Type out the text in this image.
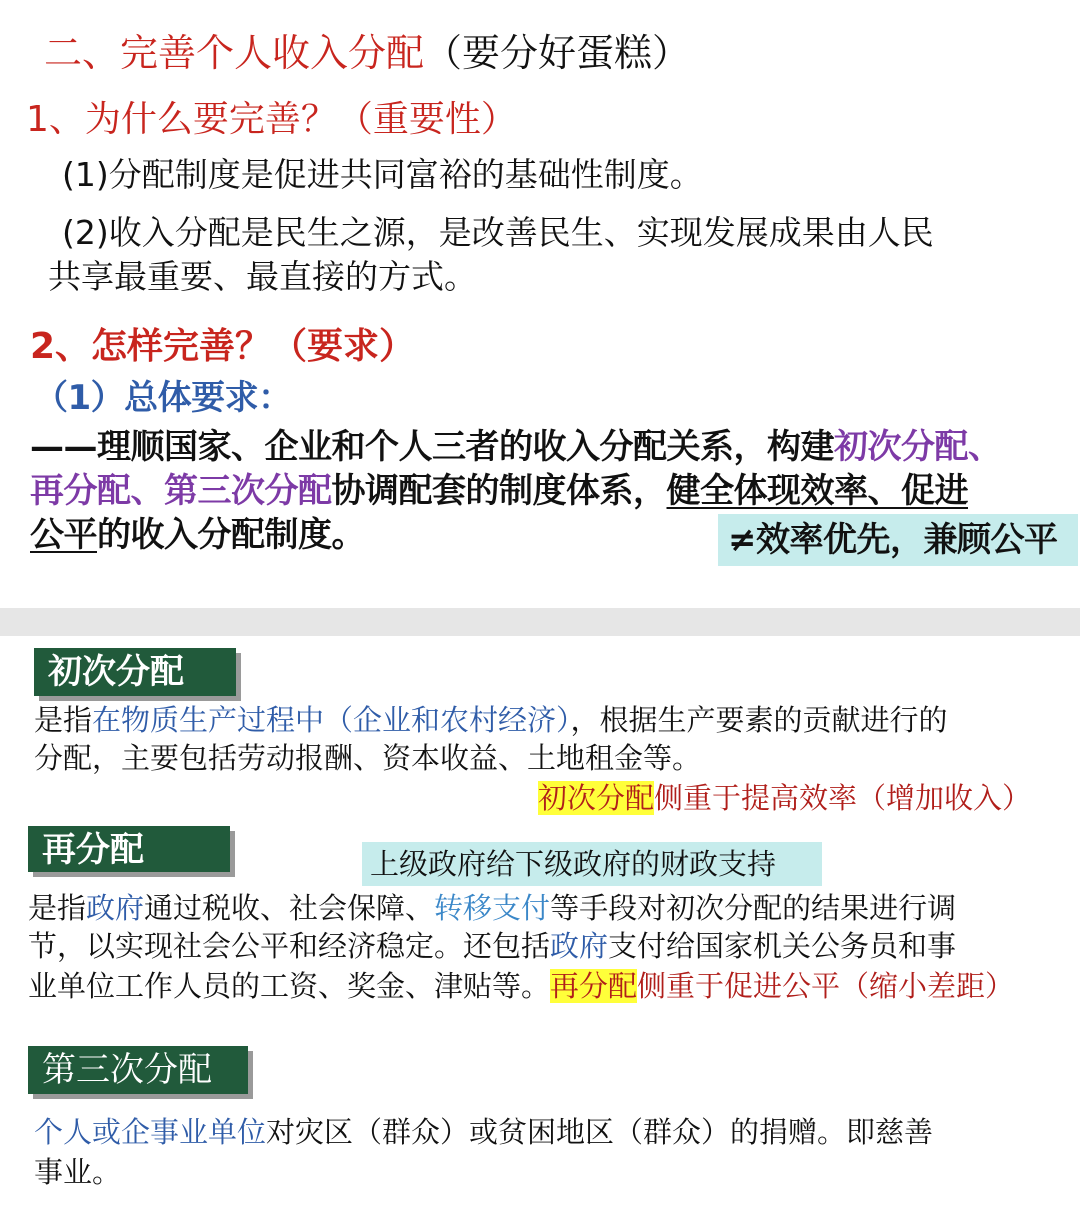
二、完善个人收入分配（要分好蛋糕）
1、为什么要完善？（重要性）
(1)分配制度是促进共同富裕的基础性制度。
(2)收入分配是民生之源，是改善民生、实现发展成果由人民
共享最重要、最直接的方式。
2、怎样完善？（要求）
（1）总体要求：
——理顺国家、企业和个人三者的收入分配关系，构建初次分配、
再分配、第三次分配协调配套的制度体系，健全体现效率、促进
公平的收入分配制度。	≠效率优先，兼顾公平
初次分配
是指在物质生产过程中（企业和农村经济），根据生产要素的贡献进行的
分配，主要包括劳动报酬、资本收益、土地租金等。
初次分配侧重于提高效率（增加收入）
再分配	上级政府给下级政府的财政支持
是指政府通过税收、社会保障、转移支付等手段对初次分配的结果进行调
节，以实现社会公平和经济稳定。还包括政府支付给国家机关公务员和事
业单位工作人员的工资、奖金、津贴等。再分配侧重于促进公平（缩小差距）
第三次分配
个人或企事业单位对灾区（群众）或贫困地区（群众）的捐赠。即慈善
事业。
